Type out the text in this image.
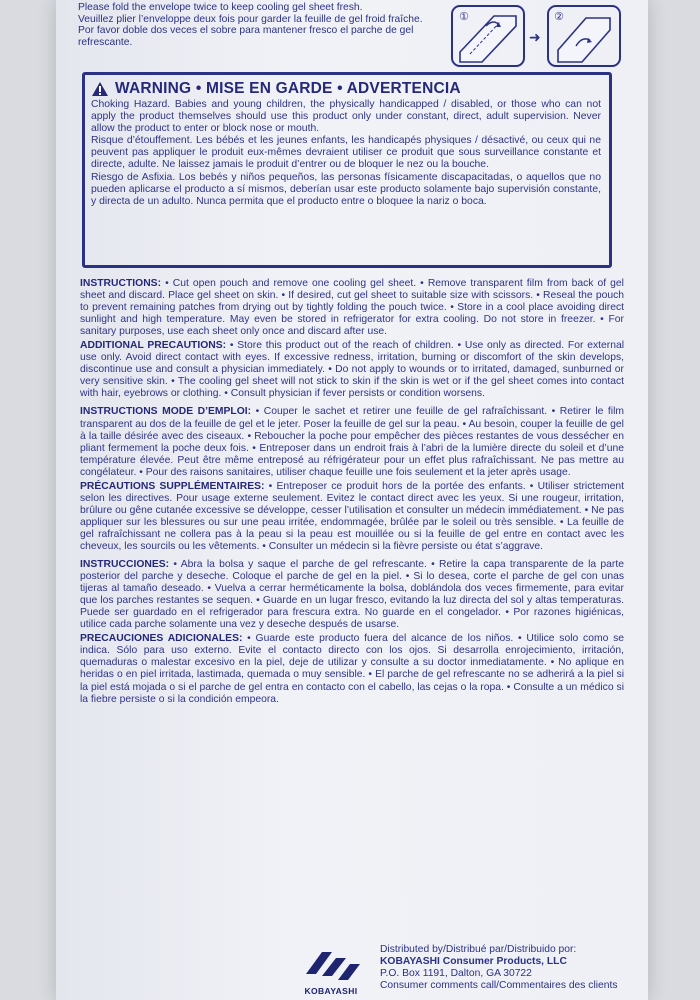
Please fold the envelope twice to keep cooling gel sheet fresh.
Veuillez plier l’enveloppe deux fois pour garder la feuille de gel froid fraîche.
Por favor doble dos veces el sobre para mantener fresco el parche de gel
refrescante.
①
➜
②
WARNING • MISE EN GARDE • ADVERTENCIA

Choking Hazard. Babies and young children, the physically handicapped / disabled, or those who can not apply the product themselves should use this product only under constant, direct, adult supervision. Never allow the product to enter or block nose or mouth.

Risque d’étouffement. Les bébés et les jeunes enfants, les handicapés physiques / désactivé, ou ceux qui ne peuvent pas appliquer le produit eux-mêmes devraient utiliser ce produit que sous surveillance constante et directe, adulte. Ne laissez jamais le produit d’entrer ou de bloquer le nez ou la bouche.

Riesgo de Asfixia. Los bebés y niños pequeños, las personas físicamente discapacitadas, o aquellos que no pueden aplicarse el producto a sí mismos, deberían usar este producto solamente bajo supervisión constante, y directa de un adulto. Nunca permita que el producto entre o bloquee la nariz o boca.

INSTRUCTIONS: • Cut open pouch and remove one cooling gel sheet. • Remove transparent film from back of gel sheet and discard. Place gel sheet on skin. • If desired, cut gel sheet to suitable size with scissors. • Reseal the pouch to prevent remaining patches from drying out by tightly folding the pouch twice. • Store in a cool place avoiding direct sunlight and high temperature. May even be stored in refrigerator for extra cooling. Do not store in freezer. • For sanitary purposes, use each sheet only once and discard after use.

ADDITIONAL PRECAUTIONS: • Store this product out of the reach of children. • Use only as directed. For external use only. Avoid direct contact with eyes. If excessive redness, irritation, burning or discomfort of the skin develops, discontinue use and consult a physician immediately. • Do not apply to wounds or to irritated, damaged, sunburned or very sensitive skin. • The cooling gel sheet will not stick to skin if the skin is wet or if the gel sheet comes into contact with hair, eyebrows or clothing. • Consult physician if fever persists or condition worsens.

INSTRUCTIONS MODE D’EMPLOI: • Couper le sachet et retirer une feuille de gel rafraîchissant. • Retirer le film transparent au dos de la feuille de gel et le jeter. Poser la feuille de gel sur la peau. • Au besoin, couper la feuille de gel à la taille désirée avec des ciseaux. • Reboucher la poche pour empêcher des pièces restantes de vous dessécher en pliant fermement la poche deux fois. • Entreposer dans un endroit frais à l’abri de la lumière directe du soleil et d’une température élevée. Peut être même entreposé au réfrigérateur pour un effet plus rafraîchissant. Ne pas mettre au congélateur. • Pour des raisons sanitaires, utiliser chaque feuille une fois seulement et la jeter après usage.

PRÉCAUTIONS SUPPLÉMENTAIRES: • Entreposer ce produit hors de la portée des enfants. • Utiliser strictement selon les directives. Pour usage externe seulement. Evitez le contact direct avec les yeux. Si une rougeur, irritation, brûlure ou gêne cutanée excessive se développe, cesser l’utilisation et consulter un médecin immédiatement. • Ne pas appliquer sur les blessures ou sur une peau irritée, endommagée, brûlée par le soleil ou très sensible. • La feuille de gel rafraîchissant ne collera pas à la peau si la peau est mouillée ou si la feuille de gel entre en contact avec les cheveux, les sourcils ou les vêtements. • Consulter un médecin si la fièvre persiste ou état s’aggrave.

INSTRUCCIONES: • Abra la bolsa y saque el parche de gel refrescante. • Retire la capa transparente de la parte posterior del parche y deseche. Coloque el parche de gel en la piel. • Si lo desea, corte el parche de gel con unas tijeras al tamaño deseado. • Vuelva a cerrar herméticamente la bolsa, doblándola dos veces firmemente, para evitar que los parches restantes se sequen. • Guarde en un lugar fresco, evitando la luz directa del sol y altas temperaturas. Puede ser guardado en el refrigerador para frescura extra. No guarde en el congelador. • Por razones higiénicas, utilice cada parche solamente una vez y deseche después de usarse.

PRECAUCIONES ADICIONALES: • Guarde este producto fuera del alcance de los niños. • Utilice solo como se indica. Sólo para uso externo. Evite el contacto directo con los ojos. Si desarrolla enrojecimiento, irritación, quemaduras o malestar excesivo en la piel, deje de utilizar y consulte a su doctor inmediatamente. • No aplique en heridas o en piel irritada, lastimada, quemada o muy sensible. • El parche de gel refrescante no se adherirá a la piel si la piel está mojada o si el parche de gel entra en contacto con el cabello, las cejas o la ropa. • Consulte a un médico si la fiebre persiste o si la condición empeora.

KOBAYASHI
Distributed by/Distribué par/Distribuido por:
KOBAYASHI Consumer Products, LLC
P.O. Box 1191, Dalton, GA 30722
Consumer comments call/Commentaires des clients
